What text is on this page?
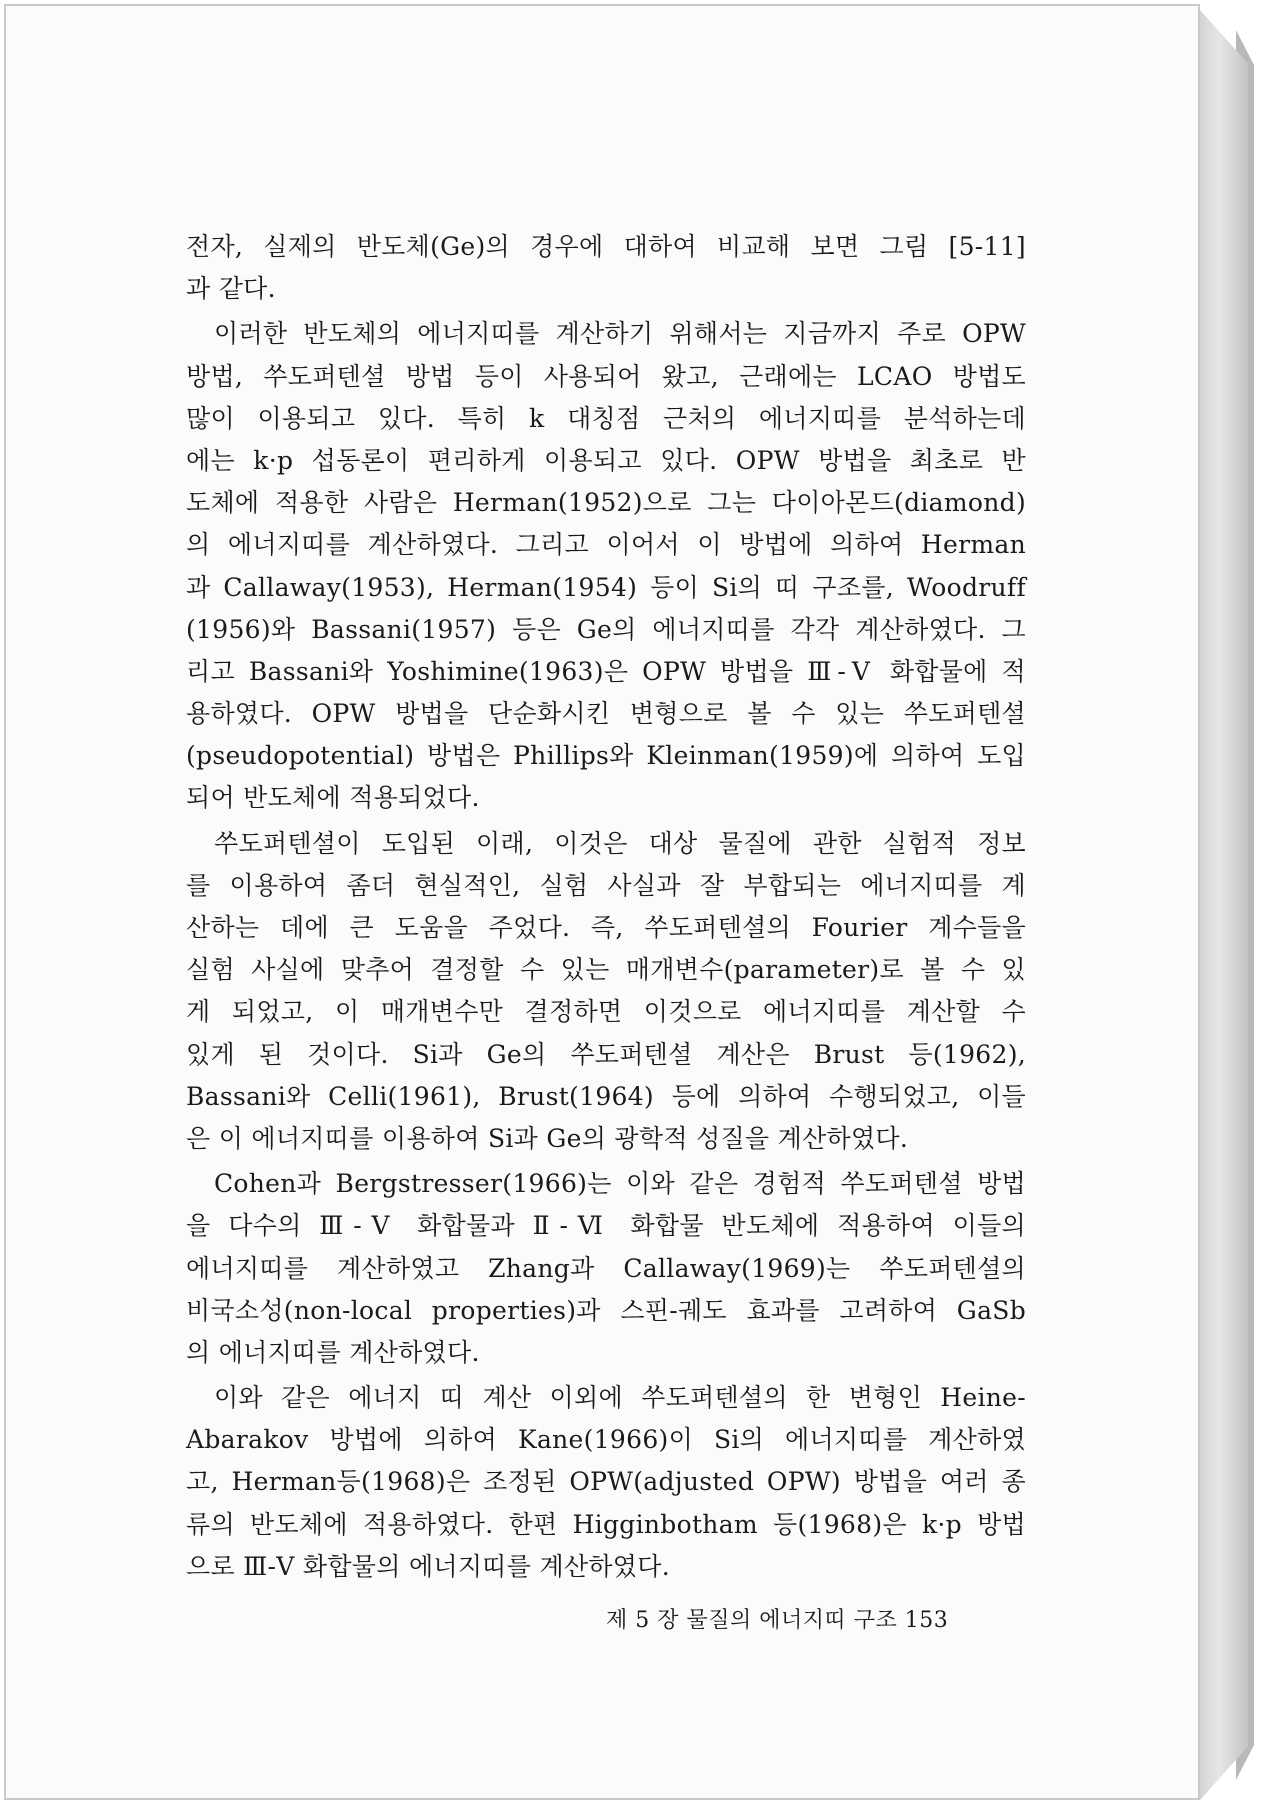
전자, 실제의 반도체(Ge)의 경우에 대하여 비교해 보면 그림 [5-11]
과 같다.
이러한 반도체의 에너지띠를 계산하기 위해서는 지금까지 주로 OPW
방법, 쑤도퍼텐셜 방법 등이 사용되어 왔고, 근래에는 LCAO 방법도
많이 이용되고 있다. 특히 k 대칭점 근처의 에너지띠를 분석하는데
에는 k·p 섭동론이 편리하게 이용되고 있다. OPW 방법을 최초로 반
도체에 적용한 사람은 Herman(1952)으로 그는 다이아몬드(diamond)
의 에너지띠를 계산하였다. 그리고 이어서 이 방법에 의하여 Herman
과 Callaway(1953), Herman(1954) 등이 Si의 띠 구조를, Woodruff
(1956)와 Bassani(1957) 등은 Ge의 에너지띠를 각각 계산하였다. 그
리고 Bassani와 Yoshimine(1963)은 OPW 방법을 Ⅲ-Ⅴ 화합물에 적
용하였다. OPW 방법을 단순화시킨 변형으로 볼 수 있는 쑤도퍼텐셜
(pseudopotential) 방법은 Phillips와 Kleinman(1959)에 의하여 도입
되어 반도체에 적용되었다.
쑤도퍼텐셜이 도입된 이래, 이것은 대상 물질에 관한 실험적 정보
를 이용하여 좀더 현실적인, 실험 사실과 잘 부합되는 에너지띠를 계
산하는 데에 큰 도움을 주었다. 즉, 쑤도퍼텐셜의 Fourier 계수들을
실험 사실에 맞추어 결정할 수 있는 매개변수(parameter)로 볼 수 있
게 되었고, 이 매개변수만 결정하면 이것으로 에너지띠를 계산할 수
있게 된 것이다. Si과 Ge의 쑤도퍼텐셜 계산은 Brust 등(1962),
Bassani와 Celli(1961), Brust(1964) 등에 의하여 수행되었고, 이들
은 이 에너지띠를 이용하여 Si과 Ge의 광학적 성질을 계산하였다.
Cohen과 Bergstresser(1966)는 이와 같은 경험적 쑤도퍼텐셜 방법
을 다수의 Ⅲ-Ⅴ 화합물과 Ⅱ-Ⅵ 화합물 반도체에 적용하여 이들의
에너지띠를 계산하였고 Zhang과 Callaway(1969)는 쑤도퍼텐셜의
비국소성(non-local properties)과 스핀-궤도 효과를 고려하여 GaSb
의 에너지띠를 계산하였다.
이와 같은 에너지 띠 계산 이외에 쑤도퍼텐셜의 한 변형인 Heine-
Abarakov 방법에 의하여 Kane(1966)이 Si의 에너지띠를 계산하였
고, Herman등(1968)은 조정된 OPW(adjusted OPW) 방법을 여러 종
류의 반도체에 적용하였다. 한편 Higginbotham 등(1968)은 k·p 방법
으로 Ⅲ-Ⅴ 화합물의 에너지띠를 계산하였다.
제 5 장 물질의 에너지띠 구조 153
